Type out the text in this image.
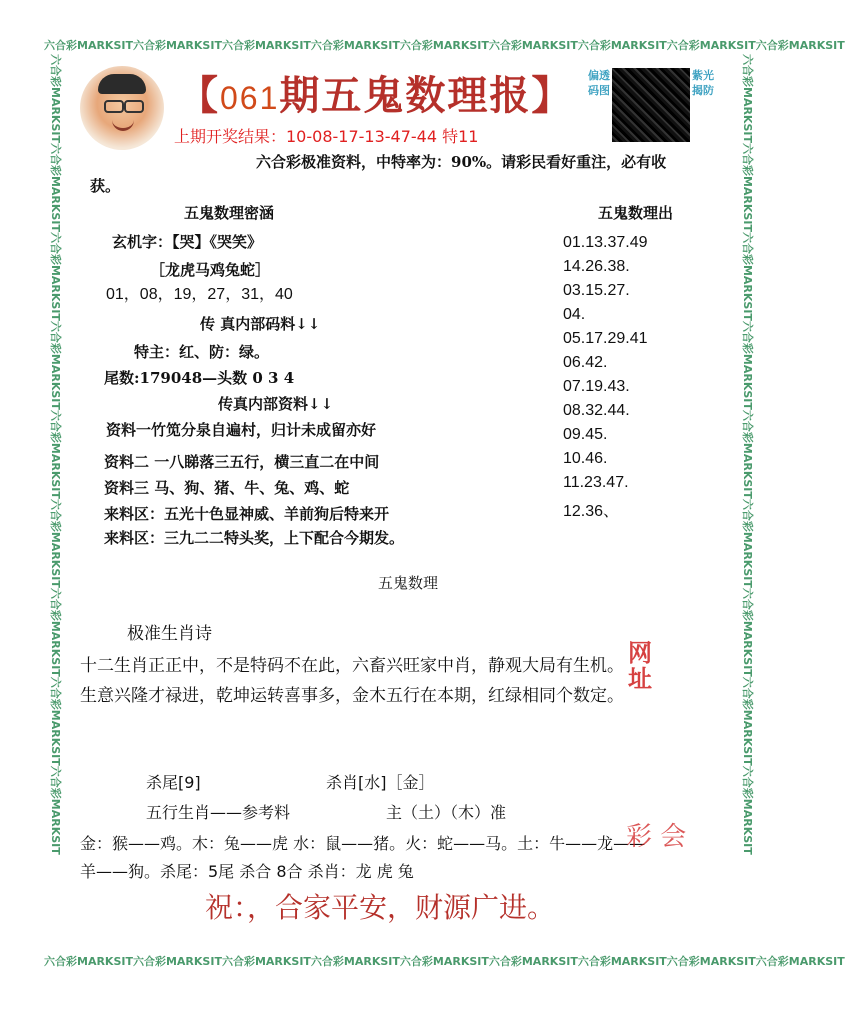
六合彩MARKSIT六合彩MARKSIT六合彩MARKSIT六合彩MARKSIT六合彩MARKSIT六合彩MARKSIT六合彩MARKSIT六合彩MARKSIT六合彩MARKSIT
六合彩MARKSIT六合彩MARKSIT六合彩MARKSIT六合彩MARKSIT六合彩MARKSIT六合彩MARKSIT六合彩MARKSIT六合彩MARKSIT六合彩MARKSIT
六合彩MARKSIT六合彩MARKSIT六合彩MARKSIT六合彩MARKSIT六合彩MARKSIT六合彩MARKSIT六合彩MARKSIT六合彩MARKSIT六合彩MARKSIT	六合彩MARKSIT六合彩MARKSIT六合彩MARKSIT六合彩MARKSIT六合彩MARKSIT六合彩MARKSIT六合彩MARKSIT六合彩MARKSIT六合彩MARKSIT
【061期五鬼数理报】
上期开奖结果：10-08-17-13-47-44 特11
偏透码图
紫光揭防
六合彩极准资料，中特率为：90%。请彩民看好重注，必有收
获。
五鬼数理密涵	五鬼数理出
玄机字：【哭】《哭笑》
［龙虎马鸡兔蛇］
01，08，19，27，31，40
传 真内部码料↓↓
特主：红、防：绿。
尾数:179048—头数 0 3 4
传真内部资料↓↓
资料一竹笕分泉自遍村，归计未成留亦好
资料二 一八睇落三五行，横三直二在中间
资料三 马、狗、猪、牛、兔、鸡、蛇
来料区：五光十色显神威、羊前狗后特来开
来料区：三九二二特头奖，上下配合今期发。
01.13.37.49
14.26.38.
03.15.27.
04.
05.17.29.41
06.42.
07.19.43.
08.32.44.
09.45.
10.46.
11.23.47.
12.36、
五鬼数理
极准生肖诗
十二生肖正正中，不是特码不在此，六畜兴旺家中肖，静观大局有生机。
生意兴隆才禄进，乾坤运转喜事多，金木五行在本期，红绿相同个数定。
网址
杀尾[9]	杀肖[水]［金］
五行生肖——参考料	主（土）（木）准
金：猴——鸡。木：兔——虎 水：鼠——猪。火：蛇——马。土：牛——龙——
羊——狗。杀尾：5尾 杀合 8合 杀肖：龙 虎 兔
彩 会
祝：，合家平安，财源广进。
